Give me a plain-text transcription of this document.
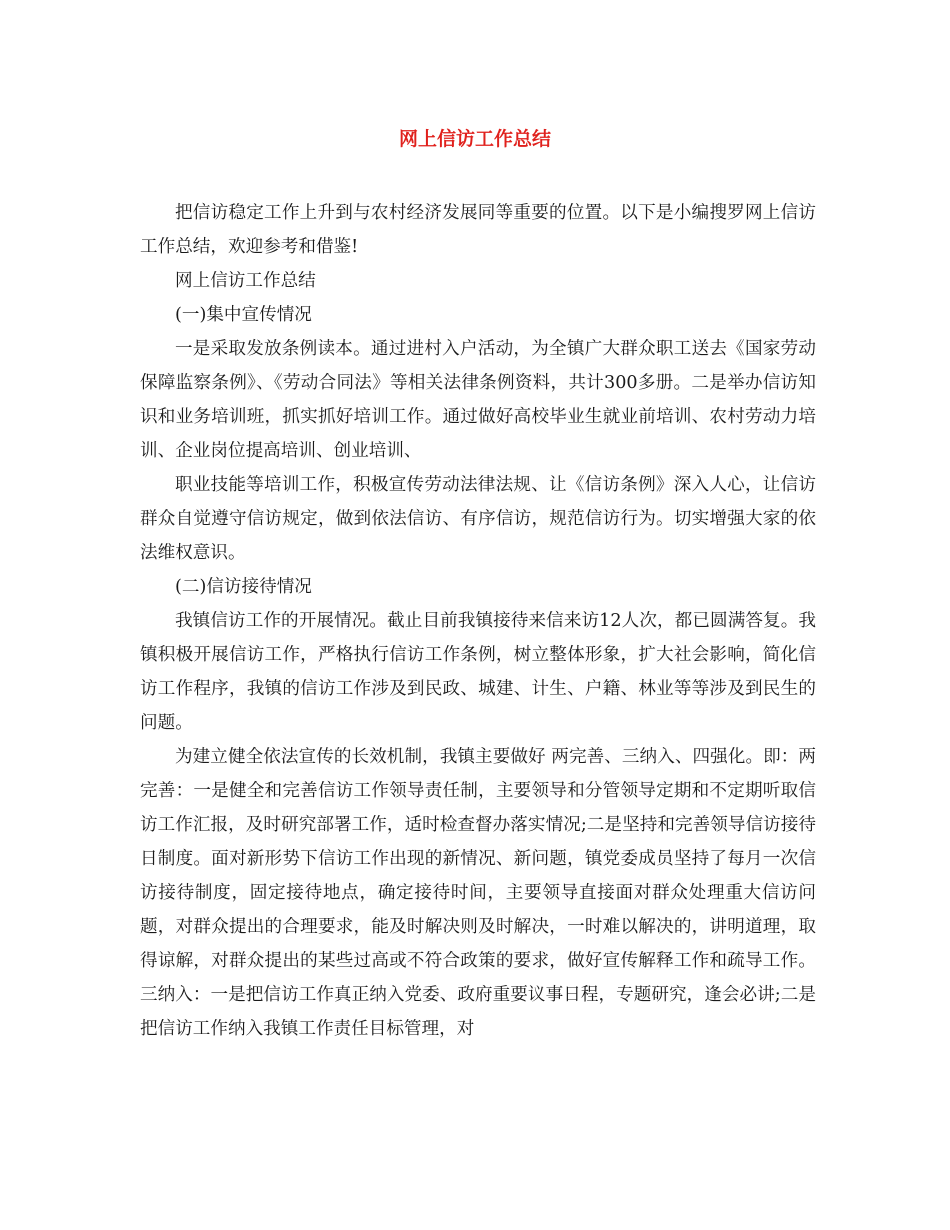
网上信访工作总结

把信访稳定工作上升到与农村经济发展同等重要的位置。以下是小编搜罗网上信访工作总结，欢迎参考和借鉴!

网上信访工作总结

(一)集中宣传情况

一是采取发放条例读本。通过进村入户活动，为全镇广大群众职工送去《国家劳动保障监察条例》、《劳动合同法》等相关法律条例资料，共计300多册。二是举办信访知识和业务培训班，抓实抓好培训工作。通过做好高校毕业生就业前培训、农村劳动力培训、企业岗位提高培训、创业培训、

职业技能等培训工作，积极宣传劳动法律法规、让《信访条例》深入人心，让信访群众自觉遵守信访规定，做到依法信访、有序信访，规范信访行为。切实增强大家的依法维权意识。

(二)信访接待情况

我镇信访工作的开展情况。截止目前我镇接待来信来访12人次，都已圆满答复。我镇积极开展信访工作，严格执行信访工作条例，树立整体形象，扩大社会影响，简化信访工作程序，我镇的信访工作涉及到民政、城建、计生、户籍、林业等等涉及到民生的问题。

为建立健全依法宣传的长效机制，我镇主要做好 两完善、三纳入、四强化。即：两完善：一是健全和完善信访工作领导责任制，主要领导和分管领导定期和不定期听取信访工作汇报，及时研究部署工作，适时检查督办落实情况;二是坚持和完善领导信访接待日制度。面对新形势下信访工作出现的新情况、新问题，镇党委成员坚持了每月一次信访接待制度，固定接待地点，确定接待时间，主要领导直接面对群众处理重大信访问题，对群众提出的合理要求，能及时解决则及时解决，一时难以解决的，讲明道理，取得谅解，对群众提出的某些过高或不符合政策的要求，做好宣传解释工作和疏导工作。三纳入：一是把信访工作真正纳入党委、政府重要议事日程，专题研究，逢会必讲;二是把信访工作纳入我镇工作责任目标管理，对
